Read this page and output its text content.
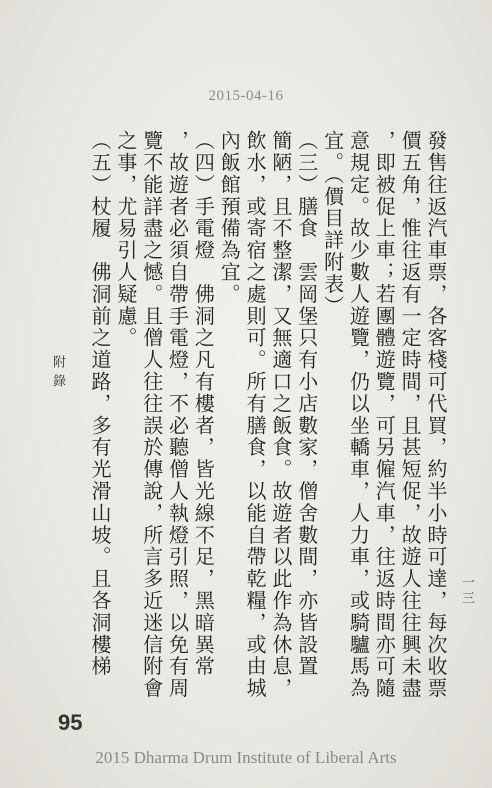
2015-04-16
發售往返汽車票，各客棧可代買，約半小時可達，每次收票
價五角，惟往返有一定時間，且甚短促，故遊人往往興未盡
，即被促上車；若團體遊覽，可另僱汽車，往返時間亦可隨
意規定。故少數人遊覽，仍以坐轎車，人力車，或騎驢馬為
宜。（價目詳附表）
（三）膳食　雲岡堡只有小店數家，僧舍數間，亦皆設置
簡陋，且不整潔，又無適口之飯食。故遊者以此作為休息，
飲水，或寄宿之處則可。所有膳食，以能自帶乾糧，或由城
內飯館預備為宜。
（四）手電燈　佛洞之凡有樓者，皆光線不足，黑暗異常
，故遊者必須自帶手電燈，不必聽僧人執燈引照，以免有周
覽不能詳盡之憾。且僧人往往誤於傳說，所言多近迷信附會
之事，尤易引人疑慮。
（五）杖履　佛洞前之道路，多有光滑山坡。且各洞樓梯
附錄
一三
95
2015 Dharma Drum Institute of Liberal Arts
